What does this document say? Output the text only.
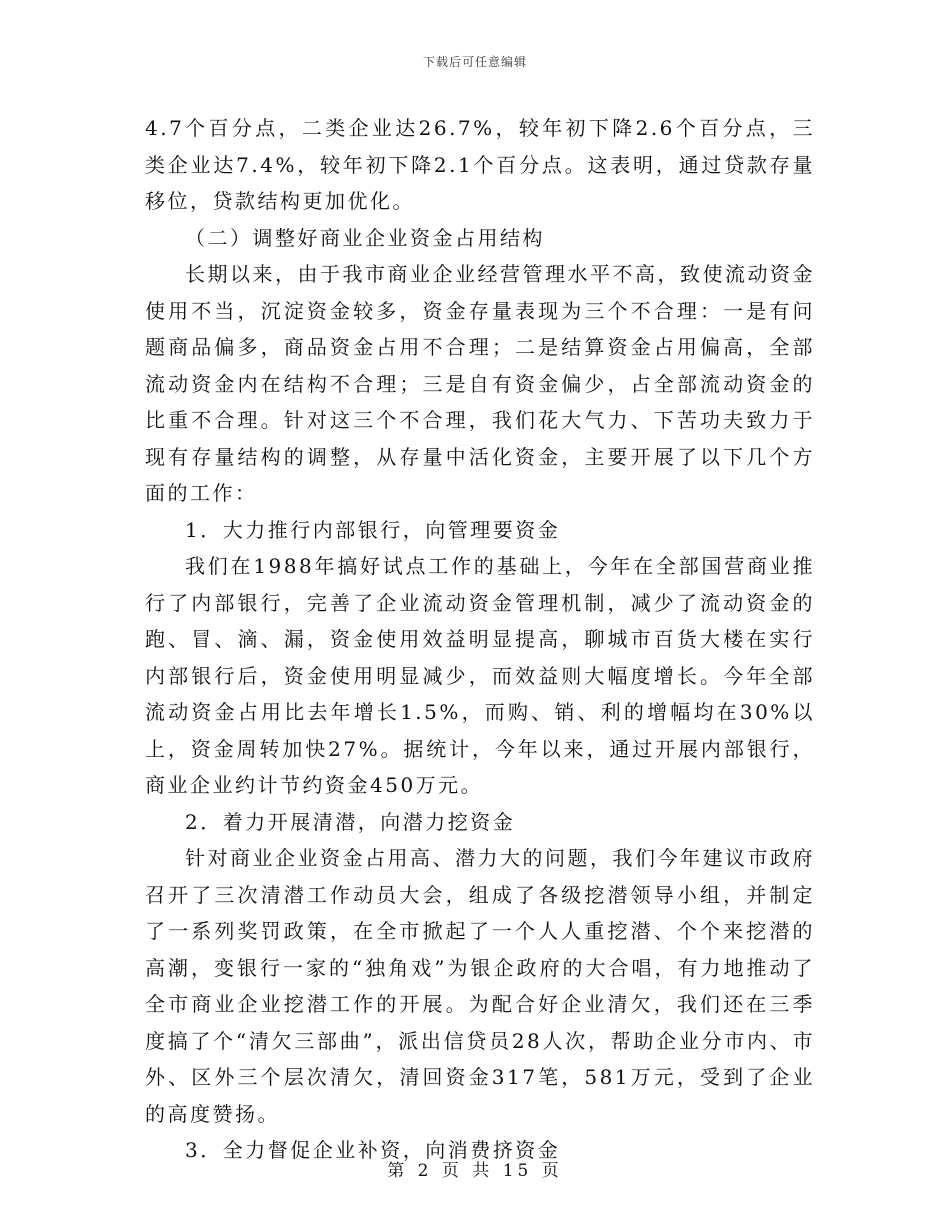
下载后可任意编辑

4.7个百分点，二类企业达26.7%，较年初下降2.6个百分点，三类企业达7.4%，较年初下降2.1个百分点。这表明，通过贷款存量移位，贷款结构更加优化。

（二）调整好商业企业资金占用结构

长期以来，由于我市商业企业经营管理水平不高，致使流动资金使用不当，沉淀资金较多，资金存量表现为三个不合理：一是有问题商品偏多，商品资金占用不合理；二是结算资金占用偏高，全部流动资金内在结构不合理；三是自有资金偏少，占全部流动资金的比重不合理。针对这三个不合理，我们花大气力、下苦功夫致力于现有存量结构的调整，从存量中活化资金，主要开展了以下几个方面的工作：

1．大力推行内部银行，向管理要资金

我们在1988年搞好试点工作的基础上，今年在全部国营商业推行了内部银行，完善了企业流动资金管理机制，减少了流动资金的跑、冒、滴、漏，资金使用效益明显提高，聊城市百货大楼在实行内部银行后，资金使用明显减少，而效益则大幅度增长。今年全部流动资金占用比去年增长1.5%，而购、销、利的增幅均在30%以上，资金周转加快27%。据统计，今年以来，通过开展内部银行，商业企业约计节约资金450万元。

2．着力开展清潜，向潜力挖资金

针对商业企业资金占用高、潜力大的问题，我们今年建议市政府召开了三次清潜工作动员大会，组成了各级挖潜领导小组，并制定了一系列奖罚政策，在全市掀起了一个人人重挖潜、个个来挖潜的高潮，变银行一家的“独角戏”为银企政府的大合唱，有力地推动了全市商业企业挖潜工作的开展。为配合好企业清欠，我们还在三季度搞了个“清欠三部曲”，派出信贷员28人次，帮助企业分市内、市外、区外三个层次清欠，清回资金317笔，581万元，受到了企业的高度赞扬。

3．全力督促企业补资，向消费挤资金

第 2 页 共 15 页
